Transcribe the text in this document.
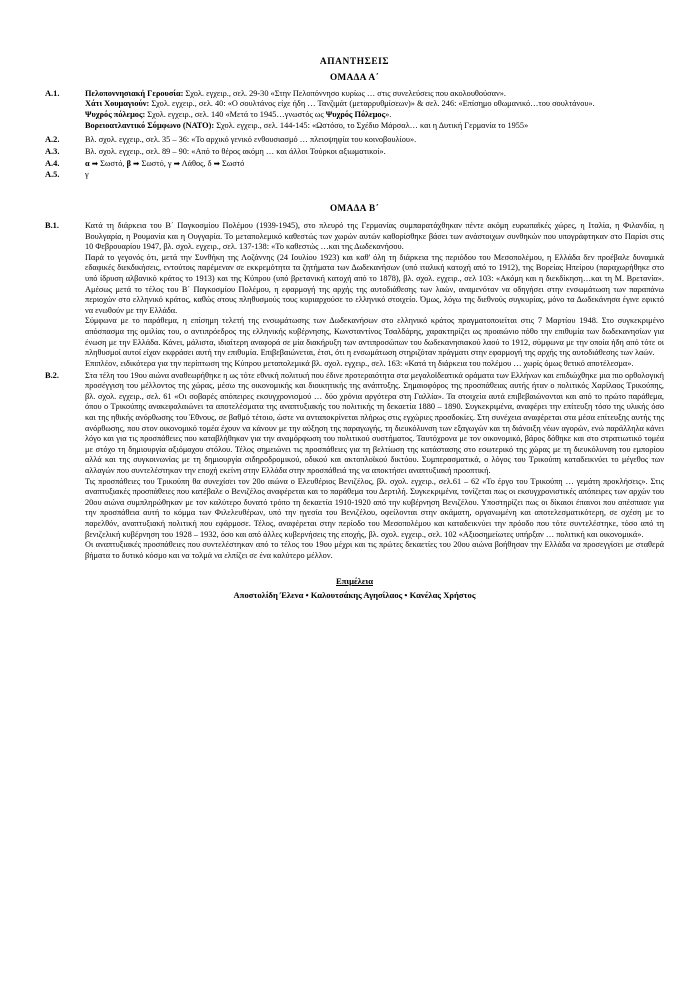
ΑΠΑΝΤΗΣΕΙΣ
ΟΜΑΔΑ Α΄
Α.1.	Πελοποννησιακή Γερουσία: Σχολ. εγχειρ., σελ. 29-30 «Στην Πελοπόννησο κυρίως … στις συνελεύσεις που ακολουθούσαν».

Χάτι Χουμαγιούν: Σχολ. εγχειρ., σελ. 40: «Ο σουλτάνος είχε ήδη … Τανζιμάτ (μεταρρυθμίσεων)» & σελ. 246: «Επίσημο οθωμανικό…του σουλτάνου».

Ψυχρός πόλεμος: Σχολ. εγχειρ., σελ. 140 «Μετά το 1945…γνωστός ως Ψυχρός Πόλεμος».

Βορειοατλαντικό Σύμφωνο (ΝΑΤΟ): Σχολ. εγχειρ., σελ. 144-145: «Ωστόσο, το Σχέδιο Μάρσαλ… και η Δυτική Γερμανία το 1955»

Α.2.	Βλ. σχολ. εγχειρ., σελ. 35 – 36: «Το αρχικό γενικό ενθουσιασμό … πλειοψηφία του κοινοβουλίου».

Α.3.	Βλ. σχολ. εγχειρ., σελ. 89 – 90: «Από το θέρος ακόμη … και άλλοι Τούρκοι αξιωματικοί».

Α.4.	α ➡ Σωστό, β ➡ Σωστό, γ ➡ Λάθος, δ ➡ Σωστό

Α.5.	γ

ΟΜΑΔΑ Β΄
Β.1.	Κατά τη διάρκεια του Β΄ Παγκοσμίου Πολέμου (1939-1945), στο πλευρό της Γερμανίας συμπαρατάχθηκαν πέντε ακόμη ευρωπαϊκές χώρες, η Ιταλία, η Φιλανδία, η Βουλγαρία, η Ρουμανία και η Ουγγαρία. Το μεταπολεμικό καθεστώς των χωρών αυτών καθορίσθηκε βάσει των ανάστοιχων συνθηκών που υπογράφτηκαν στο Παρίσι στις 10 Φεβρουαρίου 1947, βλ. σχολ. εγχειρ., σελ. 137-138: «Το καθεστώς …και της Δωδεκανήσου.

Παρά το γεγονός ότι, μετά την Συνθήκη της Λοζάννης (24 Ιουλίου 1923) και καθ' όλη τη διάρκεια της περιόδου του Μεσοπολέμου, η Ελλάδα δεν προέβαλε δυναμικά εδαφικές διεκδικήσεις, εντούτοις παρέμεναν σε εκκρεμότητα τα ζητήματα των Δωδεκανήσων (υπό ιταλική κατοχή από το 1912), της Βορείας Ηπείρου (παραχωρήθηκε στο υπό ίδρυση αλβανικό κράτος το 1913) και της Κύπρου (υπό βρετανική κατοχή από το 1878), βλ. σχολ. εγχειρ., σελ 103: «Ακόμη και η διεκδίκηση…και τη Μ. Βρετανία». Αμέσως μετά το τέλος του Β΄ Παγκοσμίου Πολέμου, η εφαρμογή της αρχής της αυτοδιάθεσης των λαών, αναμενόταν να οδηγήσει στην ενσωμάτωση των παραπάνω περιοχών στο ελληνικό κράτος, καθώς στους πληθυσμούς τους κυριαρχούσε το ελληνικό στοιχείο. Όμως, λόγω της διεθνούς συγκυρίας, μόνο τα Δωδεκάνησα έγινε εφικτό να ενωθούν με την Ελλάδα.

Σύμφωνα με το παράθεμα, η επίσημη τελετή της ενσωμάτωσης των Δωδεκανήσων στο ελληνικό κράτος πραγματοποιείται στις 7 Μαρτίου 1948. Στο συγκεκριμένο απόσπασμα της ομιλίας του, ο αντιπρόεδρος της ελληνικής κυβέρνησης, Κωνσταντίνος Τσαλδάρης, χαρακτηρίζει ως προαιώνιο πόθο την επιθυμία των δωδεκανησίων για ένωση με την Ελλάδα. Κάνει, μάλιστα, ιδιαίτερη αναφορά σε μία διακήρυξη των αντιπροσώπων του δωδεκανησιακού λαού το 1912, σύμφωνα με την οποία ήδη από τότε οι πληθυσμοί αυτοί είχαν εκφράσει αυτή την επιθυμία. Επιβεβαιώνεται, έτσι, ότι η ενσωμάτωση στηριζόταν πράγματι στην εφαρμογή της αρχής της αυτοδιάθεσης των λαών.

Επιπλέον, ειδικότερα για την περίπτωση της Κύπρου μεταπολεμικά βλ. σχολ. εγχειρ., σελ. 163: «Κατά τη διάρκεια του πολέμου … χωρίς όμως θετικό αποτέλεσμα».

Β.2.	Στα τέλη του 19ου αιώνα αναθεωρήθηκε η ως τότε εθνική πολιτική που έδινε προτεραιότητα στα μεγαλοϊδεατικά οράματα των Ελλήνων και επιδιώχθηκε μια πιο ορθολογική προσέγγιση του μέλλοντος της χώρας, μέσω της οικονομικής και διοικητικής της ανάπτυξης. Σημαιοφόρος της προσπάθειας αυτής ήταν ο πολιτικός Χαρίλαος Τρικούπης, βλ. σχολ. εγχειρ., σελ. 61 «Οι σοβαρές απόπειρες εκσυγχρονισμού … δύο χρόνια αργότερα στη Γαλλία». Τα στοιχεία αυτά επιβεβαιώνονται και από το πρώτο παράθεμα, όπου ο Τρικούπης ανακεφαλαιώνει τα αποτελέσματα της αναπτυξιακής του πολιτικής τη δεκαετία 1880 – 1890. Συγκεκριμένα, αναφέρει την επίτευξη τόσο της υλικής όσο και της ηθικής ανόρθωσης του Έθνους, σε βαθμό τέτοιο, ώστε να ανταποκρίνεται πλήρως στις εγχώριες προσδοκίες. Στη συνέχεια αναφέρεται στα μέσα επίτευξης αυτής της ανόρθωσης, που στον οικονομικό τομέα έχουν να κάνουν με την αύξηση της παραγωγής, τη διευκόλυνση των εξαγωγών και τη διάνοιξη νέων αγορών, ενώ παράλληλα κάνει λόγο και για τις προσπάθειες που καταβλήθηκαν για την αναμόρφωση του πολιτικού συστήματος. Ταυτόχρονα με τον οικονομικό, βάρος δόθηκε και στο στρατιωτικό τομέα με στόχο τη δημιουργία αξιόμαχου στόλου. Τέλος σημειώνει τις προσπάθειες για τη βελτίωση της κατάστασης στο εσωτερικό της χώρας με τη διευκόλυνση του εμπορίου αλλά και της συγκοινωνίας με τη δημιουργία σιδηροδρομικού, οδικού και ακτοπλοϊκού δικτύου. Συμπερασματικά, ο λόγος του Τρικούπη καταδεικνύει το μέγεθος των αλλαγών που συντελέστηκαν την εποχή εκείνη στην Ελλάδα στην προσπάθειά της να αποκτήσει αναπτυξιακή προοπτική.

Τις προσπάθειες του Τρικούπη θα συνεχίσει τον 20ο αιώνα ο Ελευθέριος Βενιζέλος, βλ. σχολ. εγχειρ., σελ.61 – 62 «Το έργο του Τρικούπη … γεμάτη προκλήσεις». Στις αναπτυξιακές προσπάθειες που κατέβαλε ο Βενιζέλος αναφέρεται και το παράθεμα του Δερτιλή. Συγκεκριμένα, τονίζεται πως οι εκσυγχρονιστικές απόπειρες των αρχών του 20ου αιώνα συμπληρώθηκαν με τον καλύτερο δυνατό τρόπο τη δεκαετία 1910-1920 από την κυβέρνηση Βενιζέλου. Υποστηρίζει πως οι δίκαιοι έπαινοι που απέσπασε για την προσπάθεια αυτή το κόμμα των Φιλελευθέρων, υπό την ηγεσία του Βενιζέλου, οφείλονται στην ακάματη, οργανωμένη και αποτελεσματικότερη, σε σχέση με το παρελθόν, αναπτυξιακή πολιτική που εφάρμοσε. Τέλος, αναφέρεται στην περίοδο του Μεσοπολέμου και καταδεικνύει την πρόοδο που τότε συντελέστηκε, τόσο από τη βενιζελική κυβέρνηση του 1928 – 1932, όσο και από άλλες κυβερνήσεις της εποχής, βλ. σχολ. εγχειρ., σελ. 102 «Αξιοσημείωτες υπήρξαν … πολιτική και οικονομικά».

Οι αναπτυξιακές προσπάθειες που συντελέστηκαν από το τέλος του 19ου μέχρι και τις πρώτες δεκαετίες του 20ου αιώνα βοήθησαν την Ελλάδα να προσεγγίσει με σταθερά βήματα το δυτικό κόσμο και να τολμά να ελπίζει σε ένα καλύτερο μέλλον.

Επιμέλεια
Αποστολίδη Έλενα • Καλουτσάκης Αγησίλαος • Κανέλας Χρήστος
